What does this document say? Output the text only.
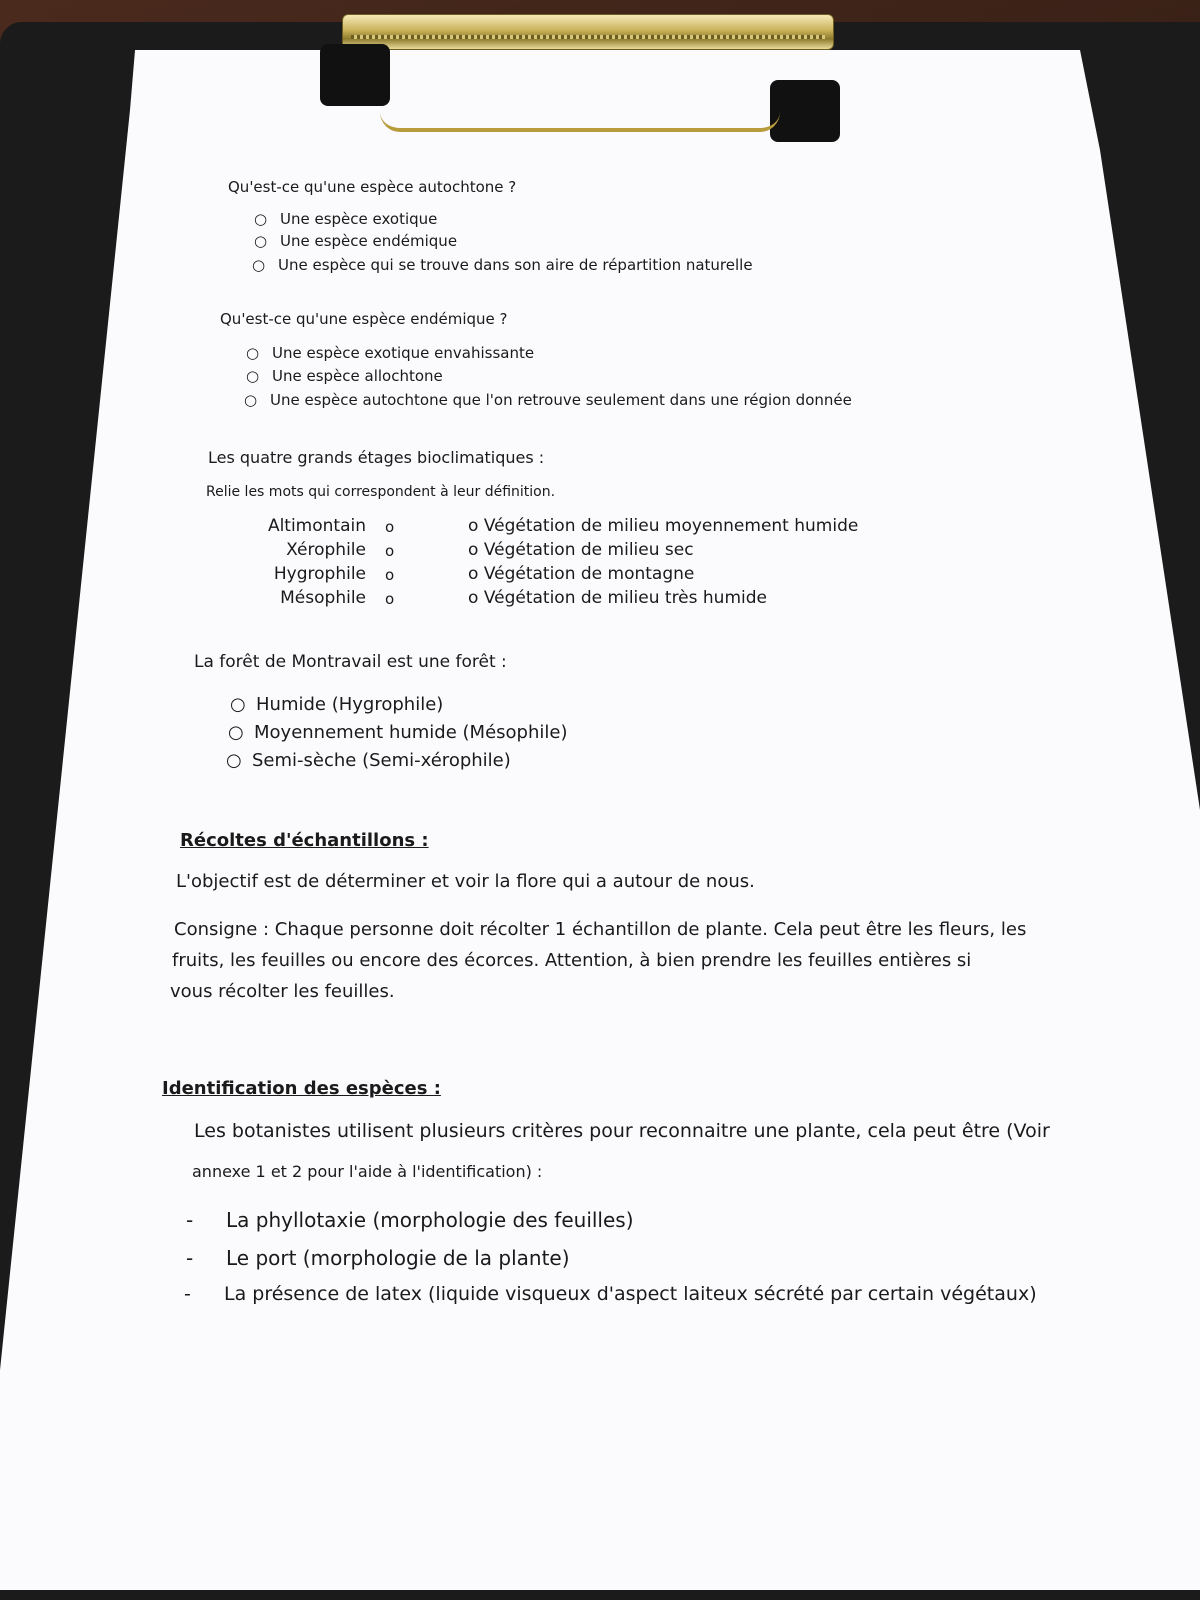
Qu'est-ce qu'une espèce autochtone ?
○ Une espèce exotique
○ Une espèce endémique
○ Une espèce qui se trouve dans son aire de répartition naturelle
Qu'est-ce qu'une espèce endémique ?
○ Une espèce exotique envahissante
○ Une espèce allochtone
○ Une espèce autochtone que l'on retrouve seulement dans une région donnée
Les quatre grands étages bioclimatiques :
Relie les mots qui correspondent à leur définition.
Altimontain
Xérophile
Hygrophile
Mésophile
o
o
o
o
o Végétation de milieu moyennement humide
o Végétation de milieu sec
o Végétation de montagne
o Végétation de milieu très humide
La forêt de Montravail est une forêt :
○ Humide (Hygrophile)
○ Moyennement humide (Mésophile)
○ Semi-sèche (Semi-xérophile)
Récoltes d'échantillons :
L'objectif est de déterminer et voir la flore qui a autour de nous.
Consigne : Chaque personne doit récolter 1 échantillon de plante. Cela peut être les fleurs, les
fruits, les feuilles ou encore des écorces. Attention, à bien prendre les feuilles entières si
vous récolter les feuilles.
Identification des espèces :
Les botanistes utilisent plusieurs critères pour reconnaitre une plante, cela peut être (Voir
annexe 1 et 2 pour l'aide à l'identification) :
- La phyllotaxie (morphologie des feuilles)
- Le port (morphologie de la plante)
- La présence de latex (liquide visqueux d'aspect laiteux sécrété par certain végétaux)
